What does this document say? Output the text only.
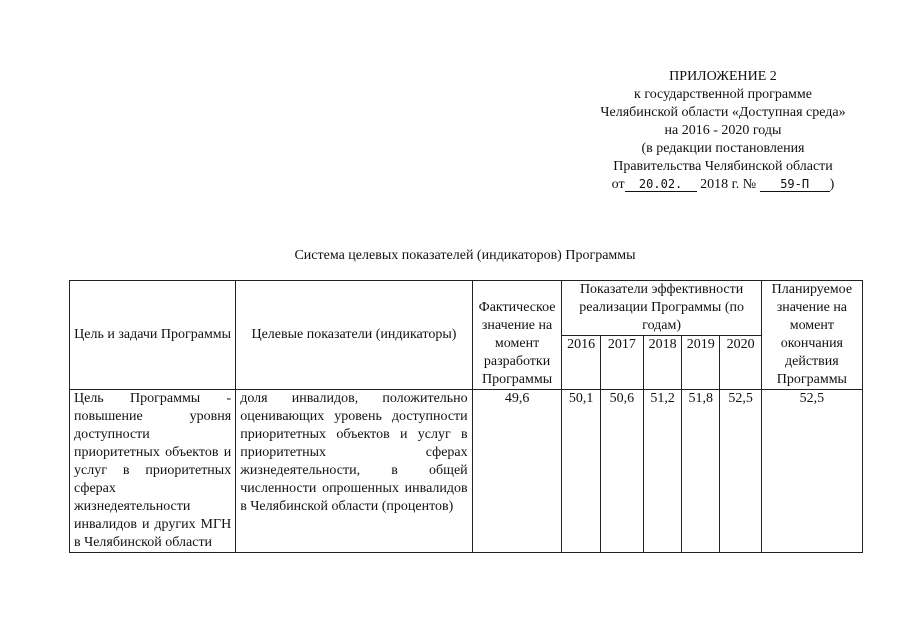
ПРИЛОЖЕНИЕ 2
к государственной программе
Челябинской области «Доступная среда»
на 2016 - 2020 годы
(в редакции постановления
Правительства Челябинской области
от 20.02. 2018 г. № 59-П )
Система целевых показателей (индикаторов) Программы
Цель и задачи Программы	Целевые показатели (индикаторы)	Фактическое значение на момент разработки Программы	Показатели эффективности реализации Программы (по годам)					Планируемое значение на момент окончания действия Программы
			2016	2017	2018	2019	2020	
Цель Программы - повышение уровня доступности приоритетных объектов и услуг в приоритетных сферах жизнедеятельности инвалидов и других МГН в Челябинской области	доля инвалидов, положительно оценивающих уровень доступности приоритетных объектов и услуг в приоритетных сферах жизнедеятельности, в общей численности опрошенных инвалидов в Челябинской области (процентов)	49,6	50,1	50,6	51,2	51,8	52,5	52,5
